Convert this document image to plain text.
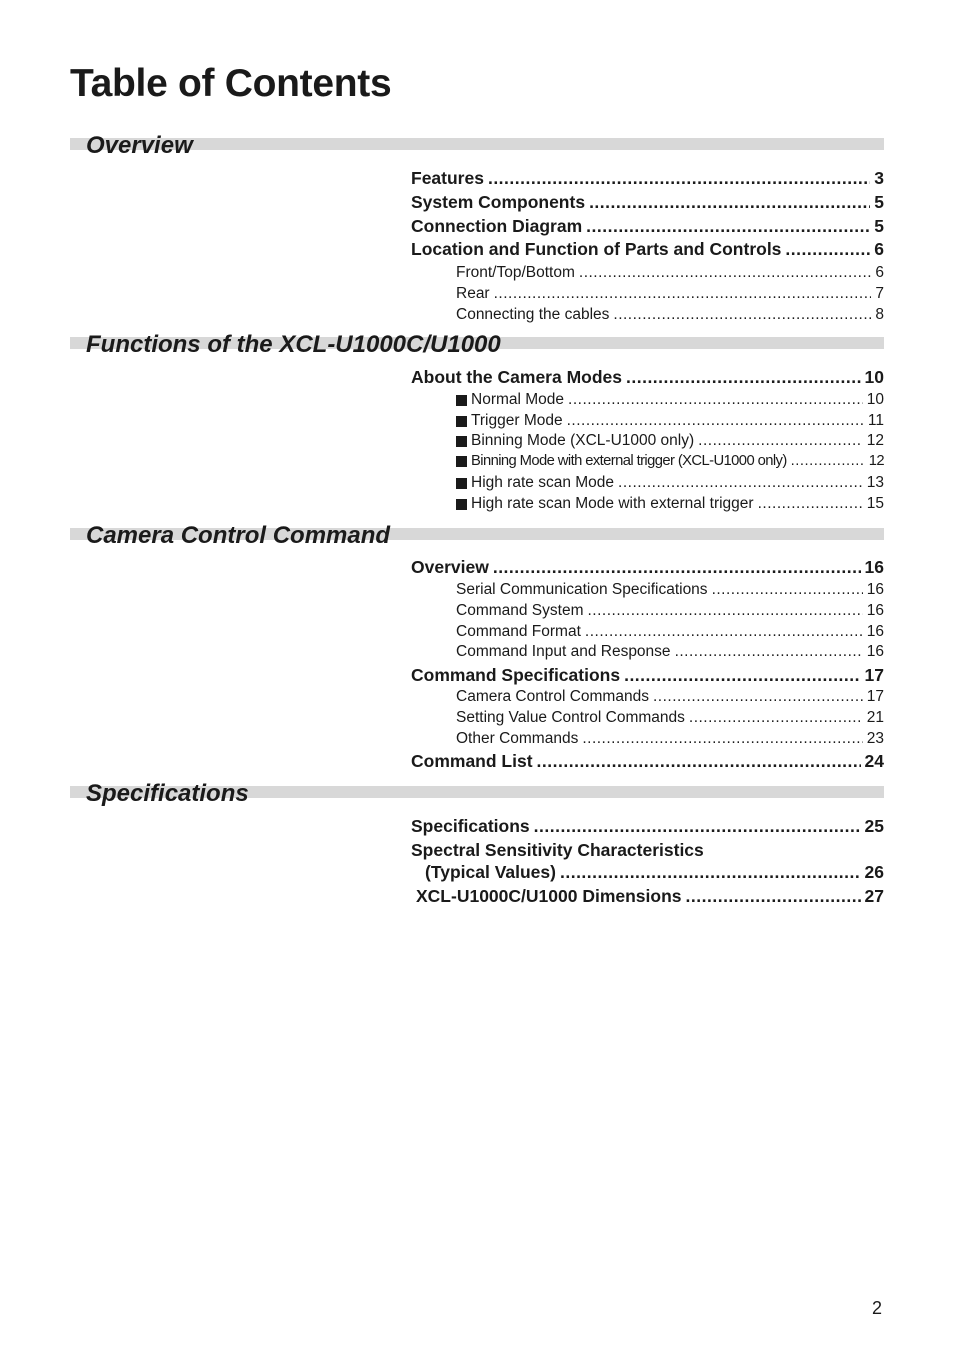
Table of Contents
Overview
Features .....	3
System Components .....	5
Connection Diagram .....	5
Location and Function of Parts and Controls .....	6
Front/Top/Bottom .....	6
Rear .....	7
Connecting the cables .....	8
Functions of the XCL-U1000C/U1000
About the Camera Modes .....	10
Normal Mode .....	10
Trigger Mode .....	11
Binning Mode (XCL-U1000 only) .....	12
Binning Mode with external trigger (XCL-U1000 only) .....	12
High rate scan Mode .....	13
High rate scan Mode with external trigger .....	15
Camera Control Command
Overview .....	16
Serial Communication Specifications .....	16
Command System .....	16
Command Format .....	16
Command Input and Response .....	16
Command Specifications .....	17
Camera Control Commands .....	17
Setting Value Control Commands .....	21
Other Commands .....	23
Command List .....	24
Specifications
Specifications .....	25
Spectral Sensitivity Characteristics
(Typical Values) .....	26
XCL-U1000C/U1000 Dimensions .....	27
2
